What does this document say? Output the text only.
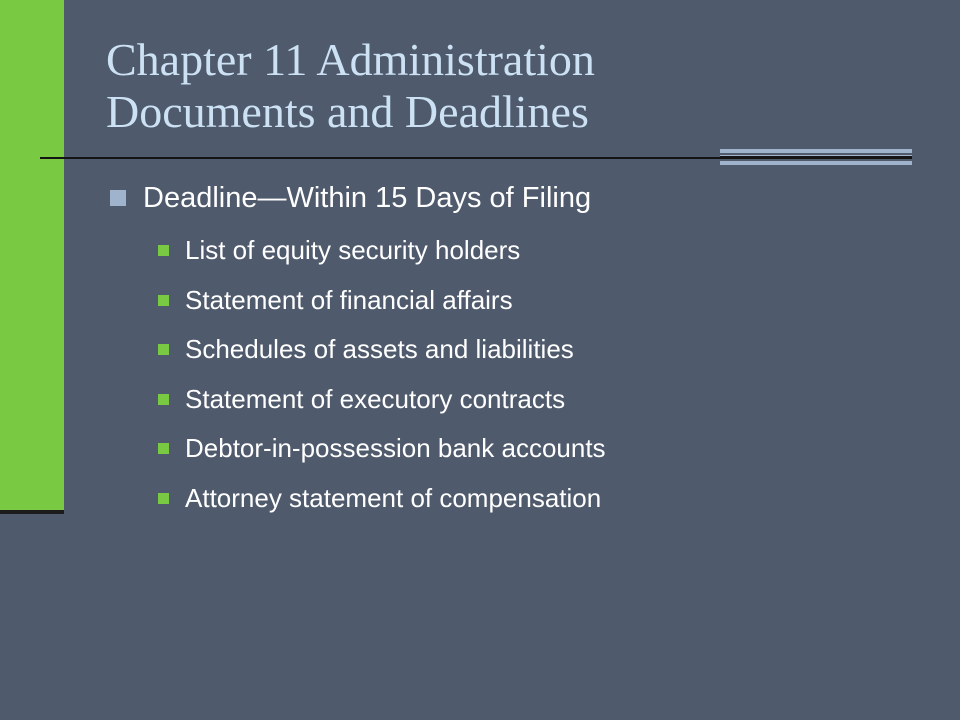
Chapter 11 Administration
Documents and Deadlines
Deadline—Within 15 Days of Filing
List of equity security holders
Statement of financial affairs
Schedules of assets and liabilities
Statement of executory contracts
Debtor-in-possession bank accounts
Attorney statement of compensation
